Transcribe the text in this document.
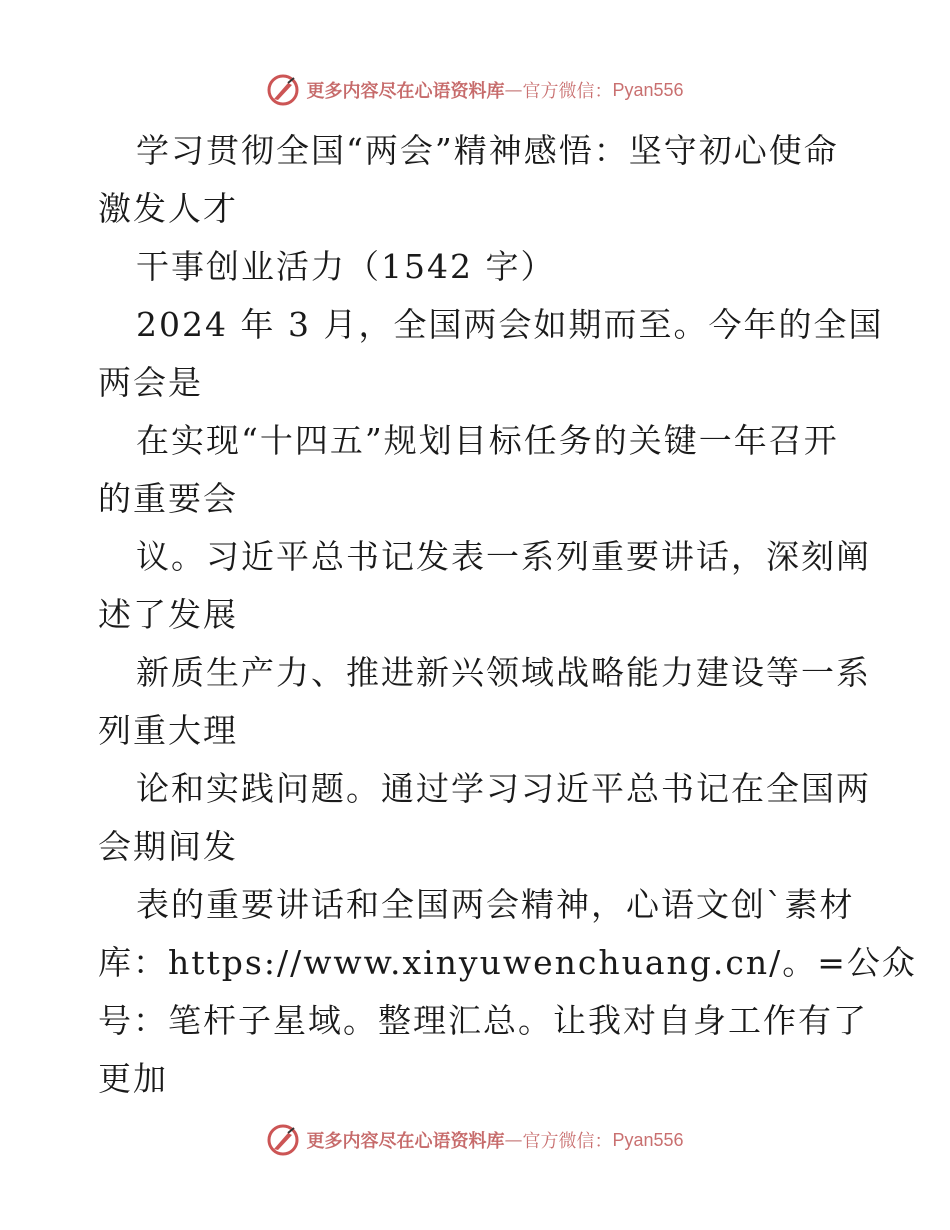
更多内容尽在心语资料库 — 官方微信： Pyan556
学习贯彻全国“两会”精神感悟：坚守初心使命
激发人才
干事创业活力（1542 字）
2024 年 3 月，全国两会如期而至。今年的全国
两会是
在实现“十四五”规划目标任务的关键一年召开
的重要会
议。习近平总书记发表一系列重要讲话，深刻阐
述了发展
新质生产力、推进新兴领域战略能力建设等一系
列重大理
论和实践问题。通过学习习近平总书记在全国两
会期间发
表的重要讲话和全国两会精神，心语文创`素材
库：https://www.xinyuwenchuang.cn/。=公众
号：笔杆子星域。整理汇总。让我对自身工作有了
更加
更多内容尽在心语资料库 — 官方微信： Pyan556
